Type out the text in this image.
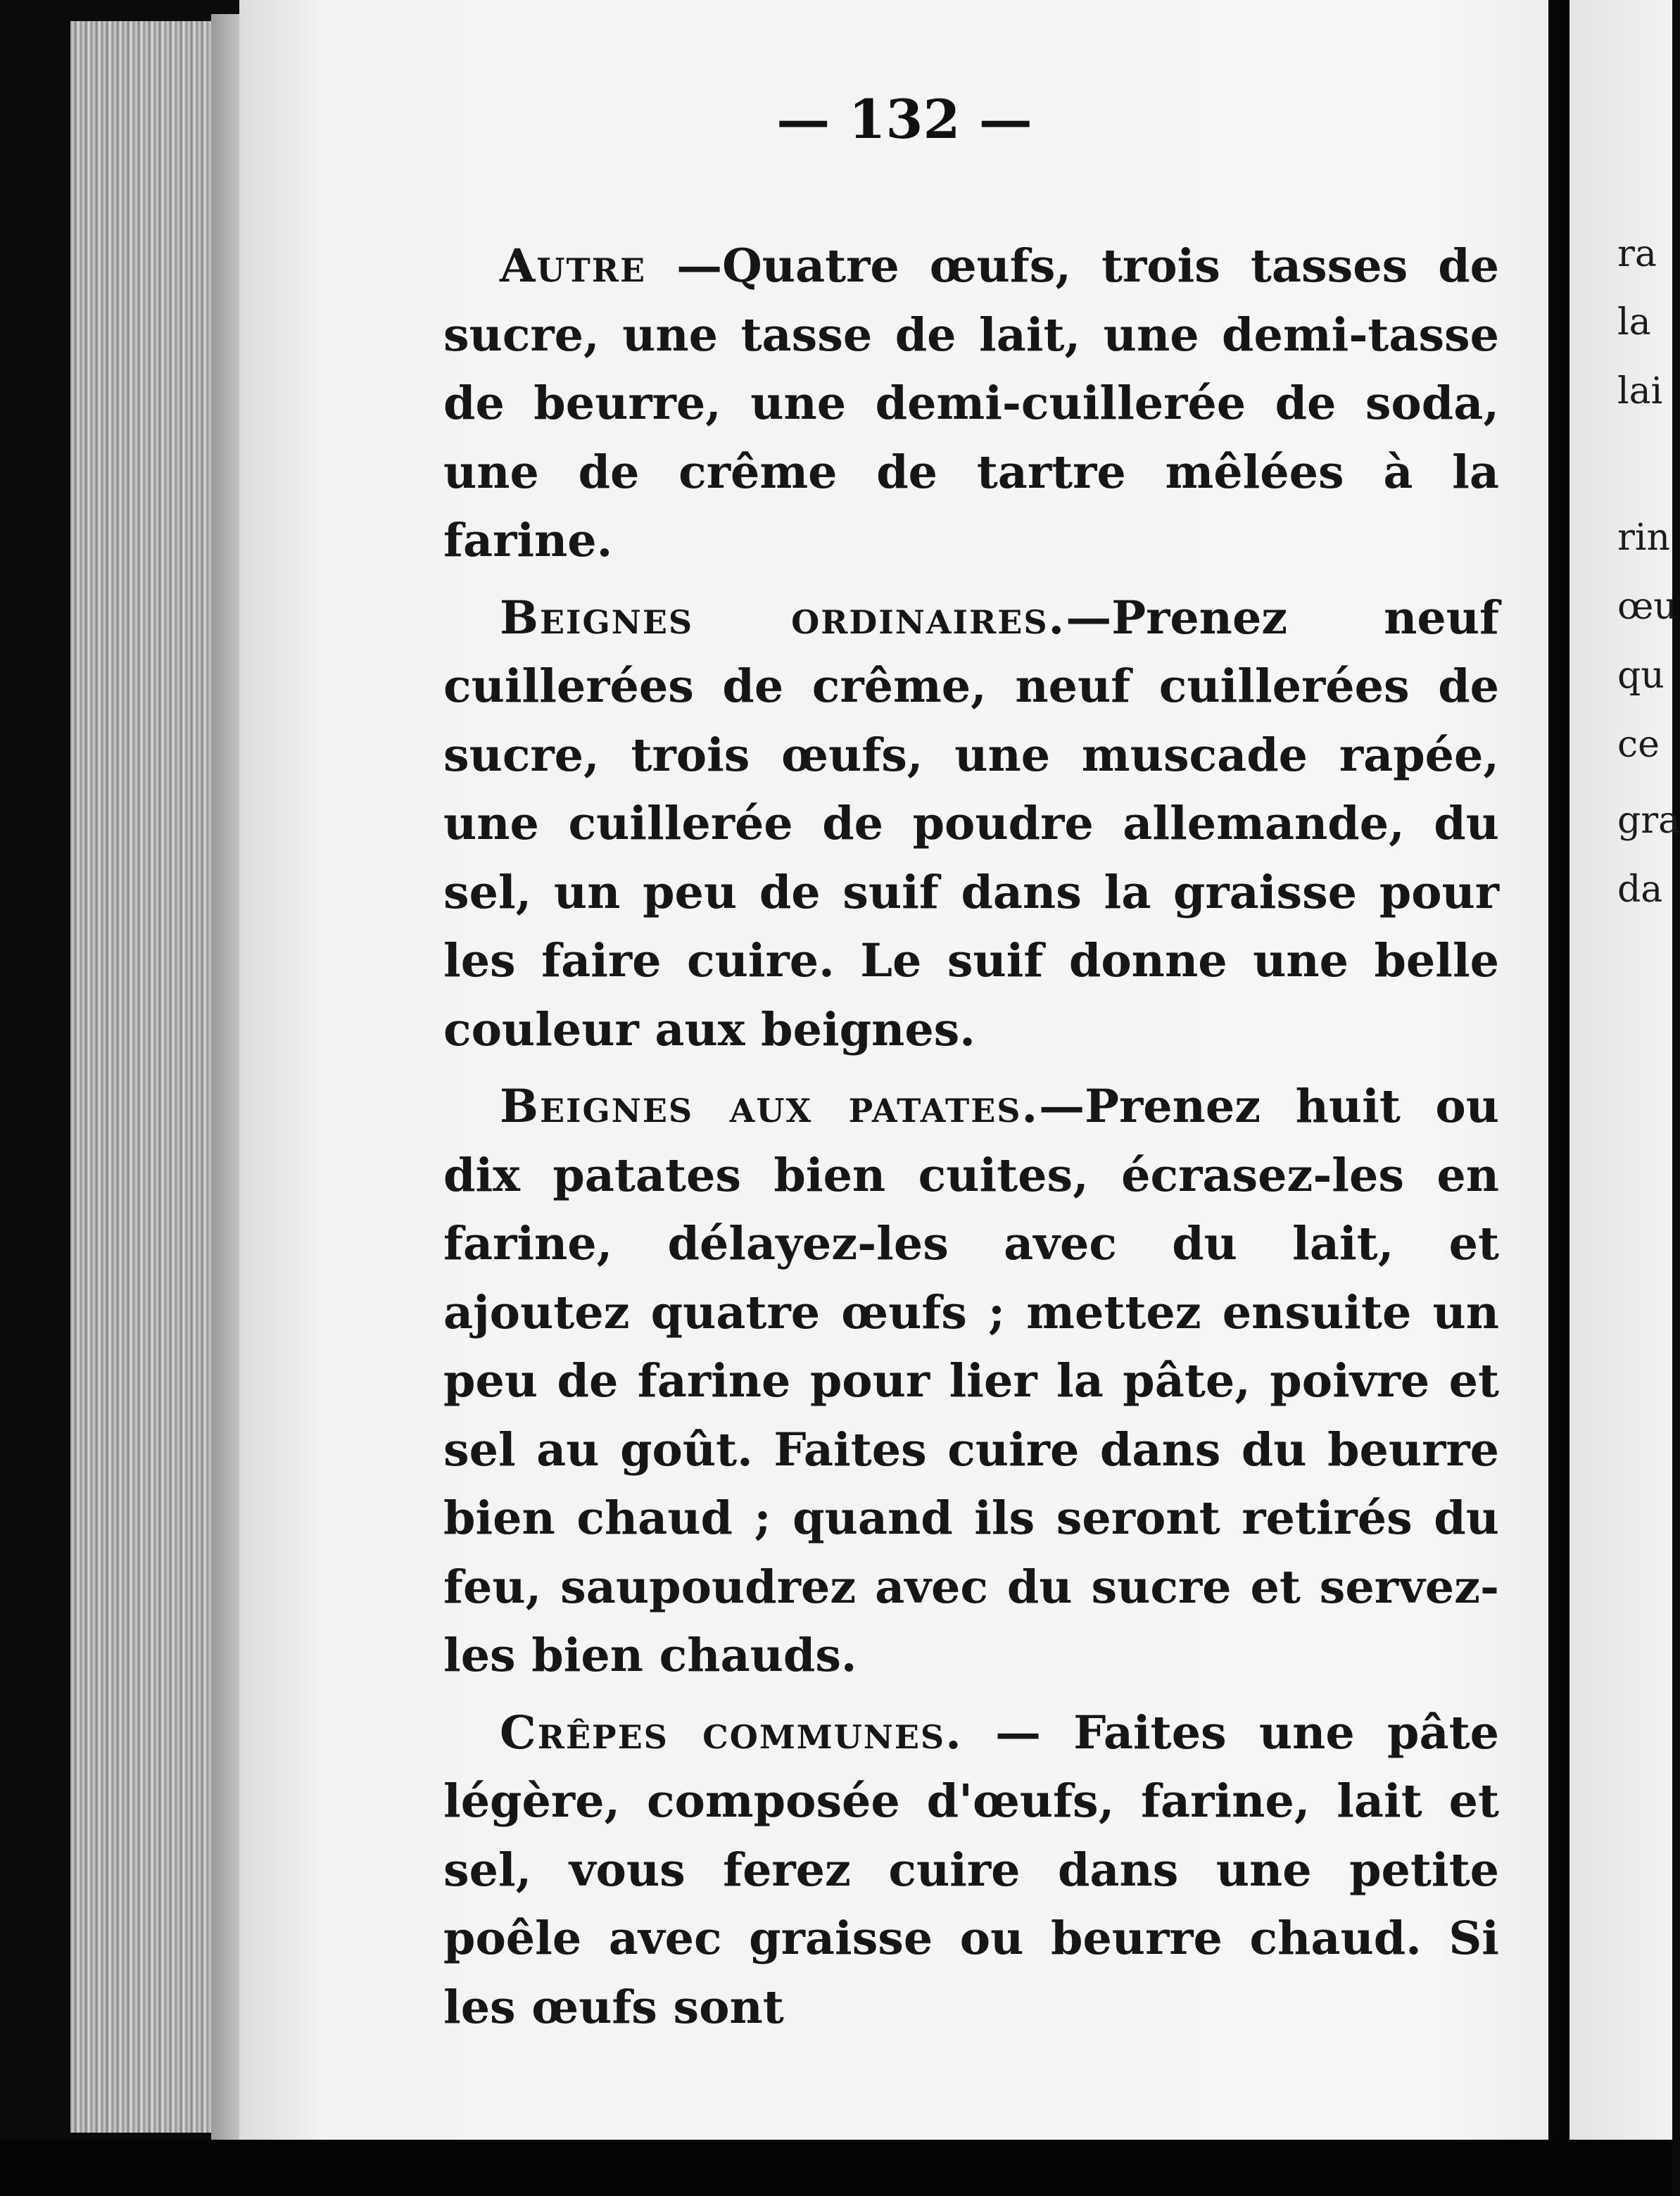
— 132 —

Autre —Quatre œufs, trois tasses de sucre, une tasse de lait, une demi-tasse de beurre, une demi-cuillerée de soda, une de crême de tartre mêlées à la farine.

Beignes ordinaires.—Prenez neuf cuillerées de crême, neuf cuillerées de sucre, trois œufs, une muscade rapée, une cuillerée de poudre allemande, du sel, un peu de suif dans la graisse pour les faire cuire. Le suif donne une belle couleur aux beignes.

Beignes aux patates.—Prenez huit ou dix patates bien cuites, écrasez-les en farine, délayez-les avec du lait, et ajoutez quatre œufs ; mettez ensuite un peu de farine pour lier la pâte, poivre et sel au goût. Faites cuire dans du beurre bien chaud ; quand ils seront retirés du feu, saupoudrez avec du sucre et servez-les bien chauds.

Crêpes communes. — Faites une pâte légère, composée d'œufs, farine, lait et sel, vous ferez cuire dans une petite poêle avec graisse ou beurre chaud. Si les œufs sont

ra
la
lai
rin
œu
qu
ce
gra
da
